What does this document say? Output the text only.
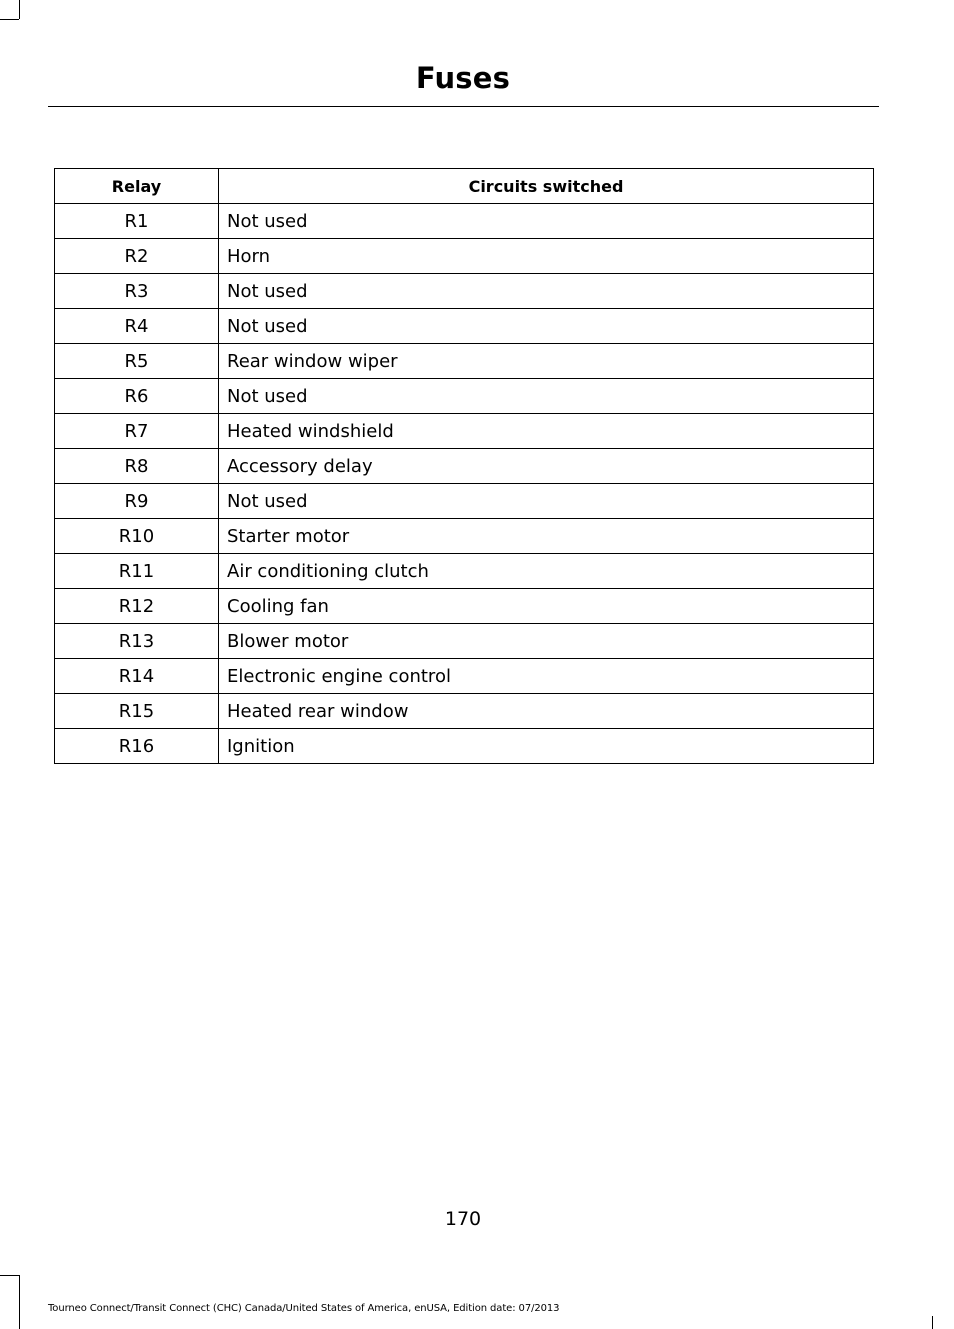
Fuses
Relay	Circuits switched
R1	Not used
R2	Horn
R3	Not used
R4	Not used
R5	Rear window wiper
R6	Not used
R7	Heated windshield
R8	Accessory delay
R9	Not used
R10	Starter motor
R11	Air conditioning clutch
R12	Cooling fan
R13	Blower motor
R14	Electronic engine control
R15	Heated rear window
R16	Ignition
170
Tourneo Connect/Transit Connect (CHC) Canada/United States of America, enUSA, Edition date: 07/2013
